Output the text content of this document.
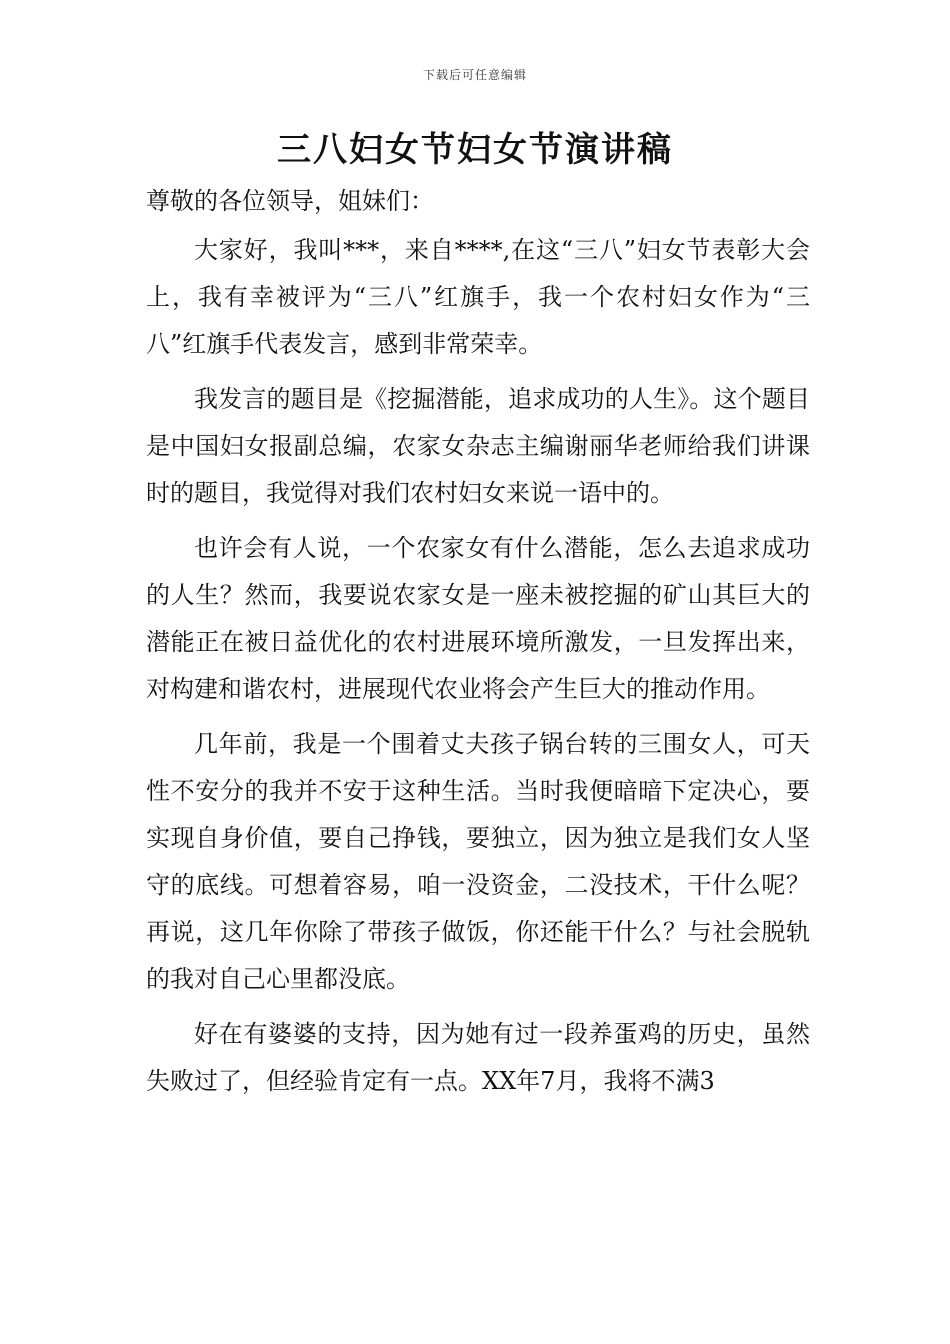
下载后可任意编辑
三八妇女节妇女节演讲稿

尊敬的各位领导，姐妹们：

大家好，我叫***，来自****,在这“三八”妇女节表彰大会上，我有幸被评为“三八”红旗手，我一个农村妇女作为“三八”红旗手代表发言，感到非常荣幸。

我发言的题目是《挖掘潜能，追求成功的人生》。这个题目是中国妇女报副总编，农家女杂志主编谢丽华老师给我们讲课时的题目，我觉得对我们农村妇女来说一语中的。

也许会有人说，一个农家女有什么潜能，怎么去追求成功的人生？然而，我要说农家女是一座未被挖掘的矿山其巨大的潜能正在被日益优化的农村进展环境所激发，一旦发挥出来，对构建和谐农村，进展现代农业将会产生巨大的推动作用。

几年前，我是一个围着丈夫孩子锅台转的三围女人，可天性不安分的我并不安于这种生活。当时我便暗暗下定决心，要实现自身价值，要自己挣钱，要独立，因为独立是我们女人坚守的底线。可想着容易，咱一没资金，二没技术，干什么呢？再说，这几年你除了带孩子做饭，你还能干什么？与社会脱轨的我对自己心里都没底。

好在有婆婆的支持，因为她有过一段养蛋鸡的历史，虽然失败过了，但经验肯定有一点。XX年7月，我将不满3
